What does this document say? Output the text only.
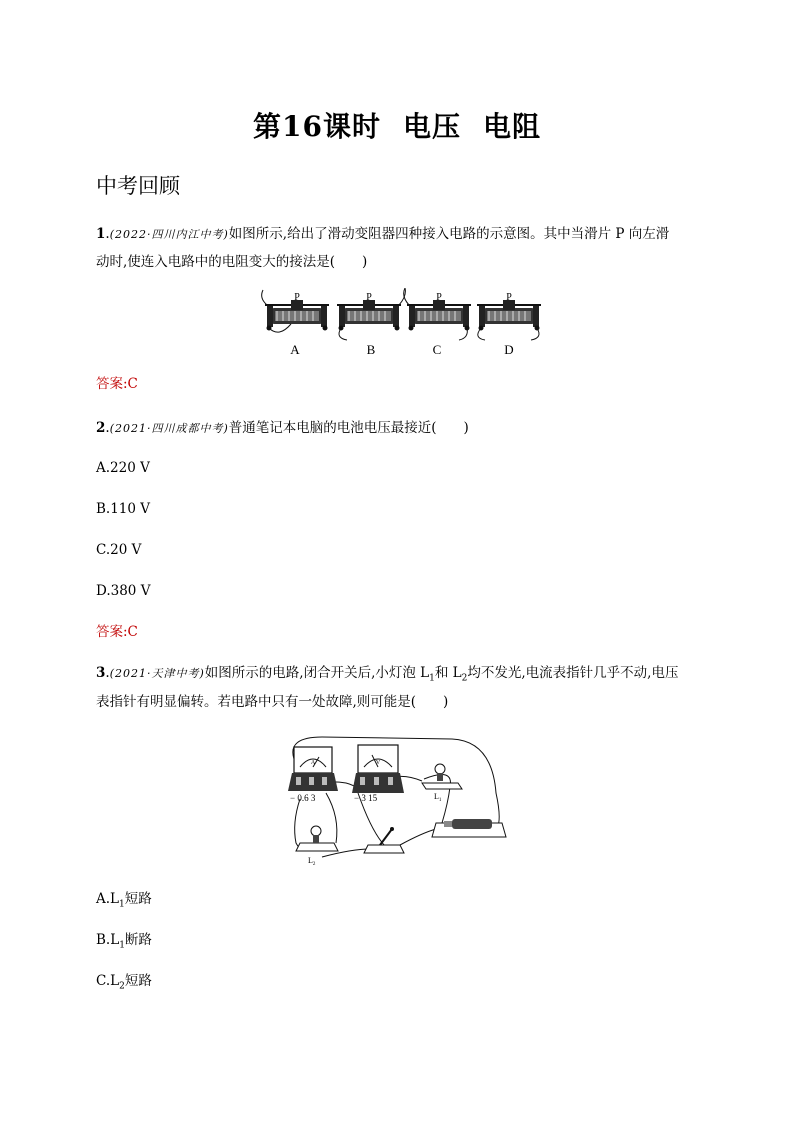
第16课时 电压 电阻
中考回顾
1.(2022·四川内江中考)如图所示,给出了滑动变阻器四种接入电路的示意图。其中当滑片 P 向左滑
动时,使连入电路中的电阻变大的接法是(　　)
P	P	P	P
A	B	C	D
答案:C
2.(2021·四川成都中考)普通笔记本电脑的电池电压最接近(　　)
A.220 V
B.110 V
C.20 V
D.380 V
答案:C
3.(2021·天津中考)如图所示的电路,闭合开关后,小灯泡 $L_1$和 $L_2$均不发光,电流表指针几乎不动,电压
表指针有明显偏转。若电路中只有一处故障,则可能是(　　)
A	V
− 0.6 3	− 3 15	$L_1$
$L_2$
$A.L_1$短路
$B.L_1$断路
$C.L_2$短路
